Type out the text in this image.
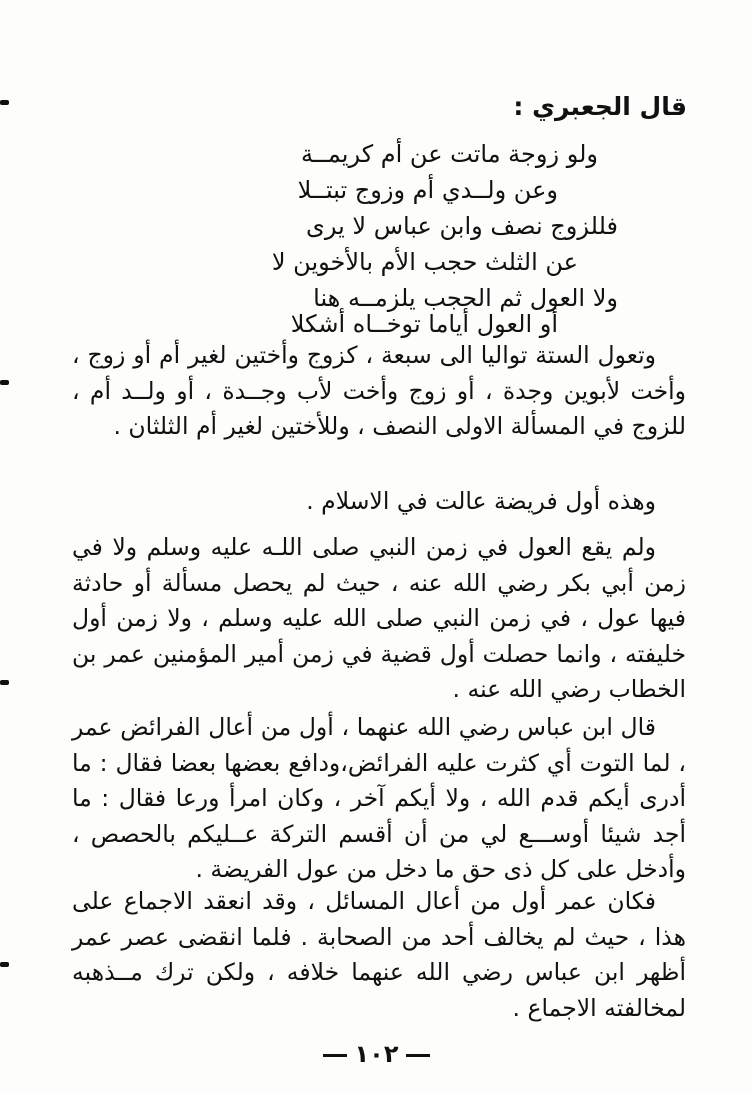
قال الجعبري :
ولو زوجة ماتت عن أم كريمــة
وعن ولــدي أم وزوج تبتــلا
فللزوج نصف وابن عباس لا يرى
عن الثلث حجب الأم بالأخوين لا
ولا العول ثم الحجب يلزمــه هنا
أو العول أياما توخــاه أشكلا

وتعول الستة تواليا الى سبعة ، كزوج وأختين لغير أم أو زوج ، وأخت لأبوين وجدة ، أو زوج وأخت لأب وجــدة ، أو ولــد أم ، للزوج في المسألة الاولى النصف ، وللأختين لغير أم الثلثان .

وهذه أول فريضة عالت في الاسلام .

ولم يقع العول في زمن النبي صلى اللـه عليه وسلم ولا في زمن أبي بكر رضي الله عنه ، حيث لم يحصل مسألة أو حادثة فيها عول ، في زمن النبي صلى الله عليه وسلم ، ولا زمن أول خليفته ، وانما حصلت أول قضية في زمن أمير المؤمنين عمر بن الخطاب رضي الله عنه .

قال ابن عباس رضي الله عنهما ، أول من أعال الفرائض عمر ، لما التوت أي كثرت عليه الفرائض،ودافع بعضها بعضا فقال : ما أدرى أيكم قدم الله ، ولا أيكم آخر ، وكان امرأ ورعا فقال : ما أجد شيئا أوســـع لي من أن أقسم التركة عــليكم بالحصص ، وأدخل على كل ذى حق ما دخل من عول الفريضة .

فكان عمر أول من أعال المسائل ، وقد انعقد الاجماع على هذا ، حيث لم يخالف أحد من الصحابة . فلما انقضى عصر عمر أظهر ابن عباس رضي الله عنهما خلافه ، ولكن ترك مــذهبه لمخالفته الاجماع .

١٠٢
